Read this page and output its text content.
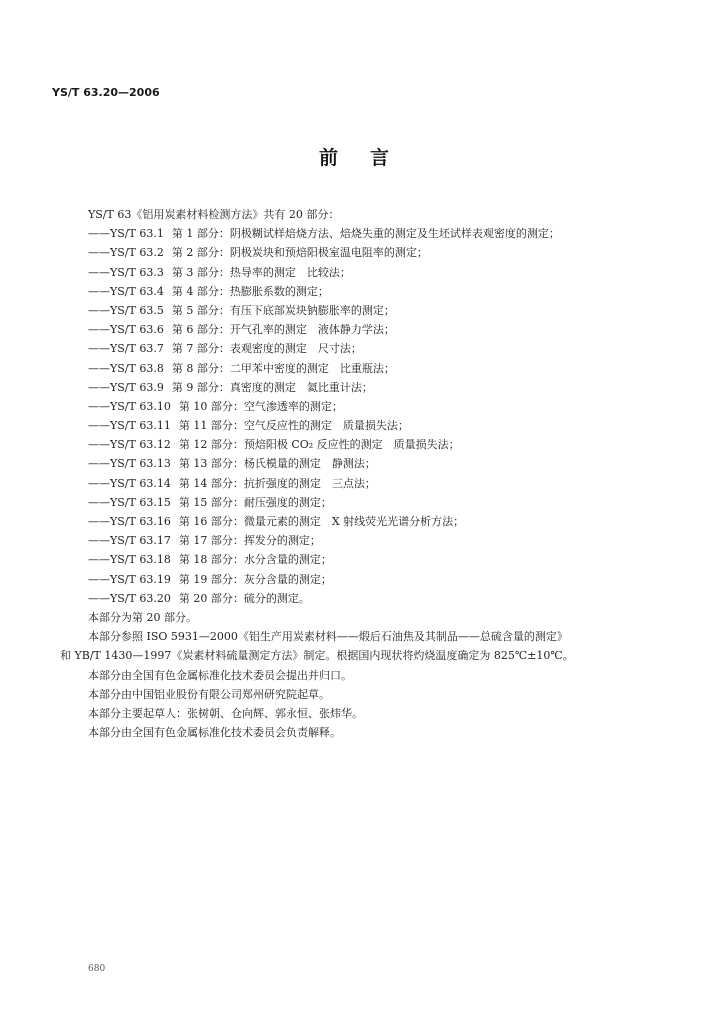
YS/T 63.20—2006
前言
YS/T 63《铝用炭素材料检测方法》共有 20 部分：
——YS/T 63.1 第 1 部分：阴极糊试样焙烧方法、焙烧失重的测定及生坯试样表观密度的测定；
——YS/T 63.2 第 2 部分：阴极炭块和预焙阳极室温电阻率的测定；
——YS/T 63.3 第 3 部分：热导率的测定　比较法；
——YS/T 63.4 第 4 部分：热膨胀系数的测定；
——YS/T 63.5 第 5 部分：有压下底部炭块钠膨胀率的测定；
——YS/T 63.6 第 6 部分：开气孔率的测定　液体静力学法；
——YS/T 63.7 第 7 部分：表观密度的测定　尺寸法；
——YS/T 63.8 第 8 部分：二甲苯中密度的测定　比重瓶法；
——YS/T 63.9 第 9 部分：真密度的测定　氦比重计法；
——YS/T 63.10 第 10 部分：空气渗透率的测定；
——YS/T 63.11 第 11 部分：空气反应性的测定　质量损失法；
——YS/T 63.12 第 12 部分：预焙阳极 CO₂ 反应性的测定　质量损失法；
——YS/T 63.13 第 13 部分：杨氏模量的测定　静测法；
——YS/T 63.14 第 14 部分：抗折强度的测定　三点法；
——YS/T 63.15 第 15 部分：耐压强度的测定；
——YS/T 63.16 第 16 部分：微量元素的测定　X 射线荧光光谱分析方法；
——YS/T 63.17 第 17 部分：挥发分的测定；
——YS/T 63.18 第 18 部分：水分含量的测定；
——YS/T 63.19 第 19 部分：灰分含量的测定；
——YS/T 63.20 第 20 部分：硫分的测定。
本部分为第 20 部分。
本部分参照 ISO 5931—2000《铝生产用炭素材料——煅后石油焦及其制品——总硫含量的测定》
和 YB/T 1430—1997《炭素材料硫量测定方法》制定。根据国内现状将灼烧温度确定为 825℃±10℃。
本部分由全国有色金属标准化技术委员会提出并归口。
本部分由中国铝业股份有限公司郑州研究院起草。
本部分主要起草人：张树朝、仓向辉、郭永恒、张炜华。
本部分由全国有色金属标准化技术委员会负责解释。
680
